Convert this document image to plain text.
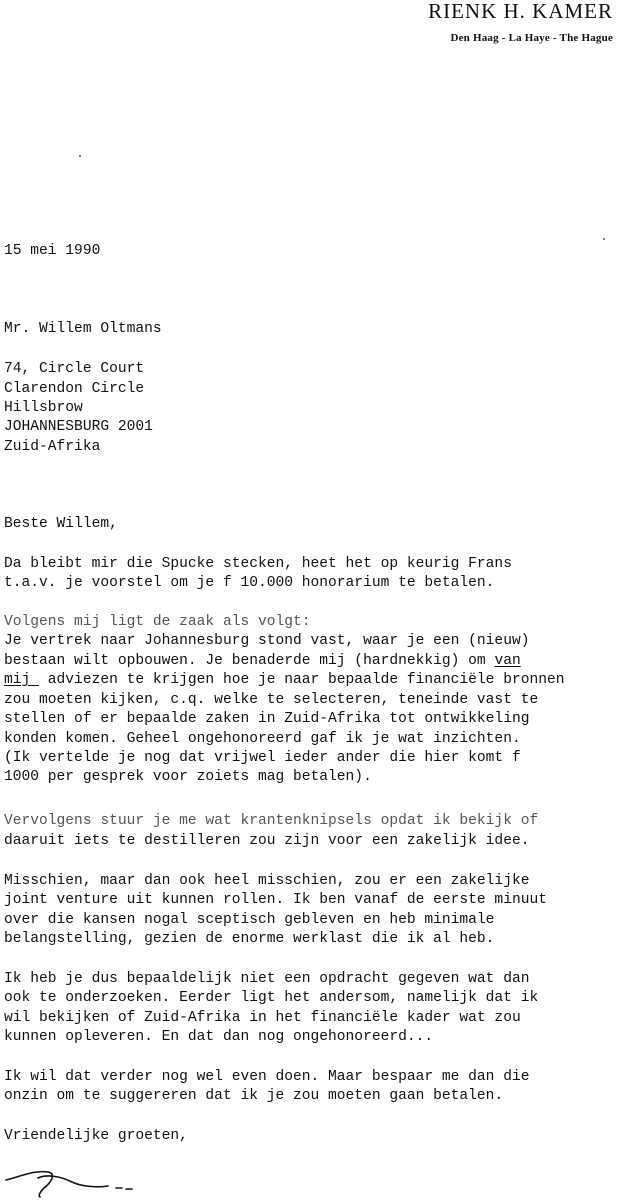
RIENK H. KAMER
Den Haag - La Haye - The Hague
15 mei 1990
Mr. Willem Oltmans
74, Circle Court
Clarendon Circle
Hillsbrow
JOHANNESBURG 2001
Zuid-Afrika
Beste Willem,
Da bleibt mir die Spucke stecken, heet het op keurig Frans
t.a.v. je voorstel om je f 10.000 honorarium te betalen.
Volgens mij ligt de zaak als volgt:
Je vertrek naar Johannesburg stond vast, waar je een (nieuw)
bestaan wilt opbouwen. Je benaderde mij (hardnekkig) om van
mij  adviezen te krijgen hoe je naar bepaalde financiële bronnen
zou moeten kijken, c.q. welke te selecteren, teneinde vast te
stellen of er bepaalde zaken in Zuid-Afrika tot ontwikkeling
konden komen. Geheel ongehonoreerd gaf ik je wat inzichten.
(Ik vertelde je nog dat vrijwel ieder ander die hier komt f
1000 per gesprek voor zoiets mag betalen).
Vervolgens stuur je me wat krantenknipsels opdat ik bekijk of
daaruit iets te destilleren zou zijn voor een zakelijk idee.
Misschien, maar dan ook heel misschien, zou er een zakelijke
joint venture uit kunnen rollen. Ik ben vanaf de eerste minuut
over die kansen nogal sceptisch gebleven en heb minimale
belangstelling, gezien de enorme werklast die ik al heb.
Ik heb je dus bepaaldelijk niet een opdracht gegeven wat dan
ook te onderzoeken. Eerder ligt het andersom, namelijk dat ik
wil bekijken of Zuid-Afrika in het financiële kader wat zou
kunnen opleveren. En dat dan nog ongehonoreerd...
Ik wil dat verder nog wel even doen. Maar bespaar me dan die
onzin om te suggereren dat ik je zou moeten gaan betalen.
Vriendelijke groeten,
